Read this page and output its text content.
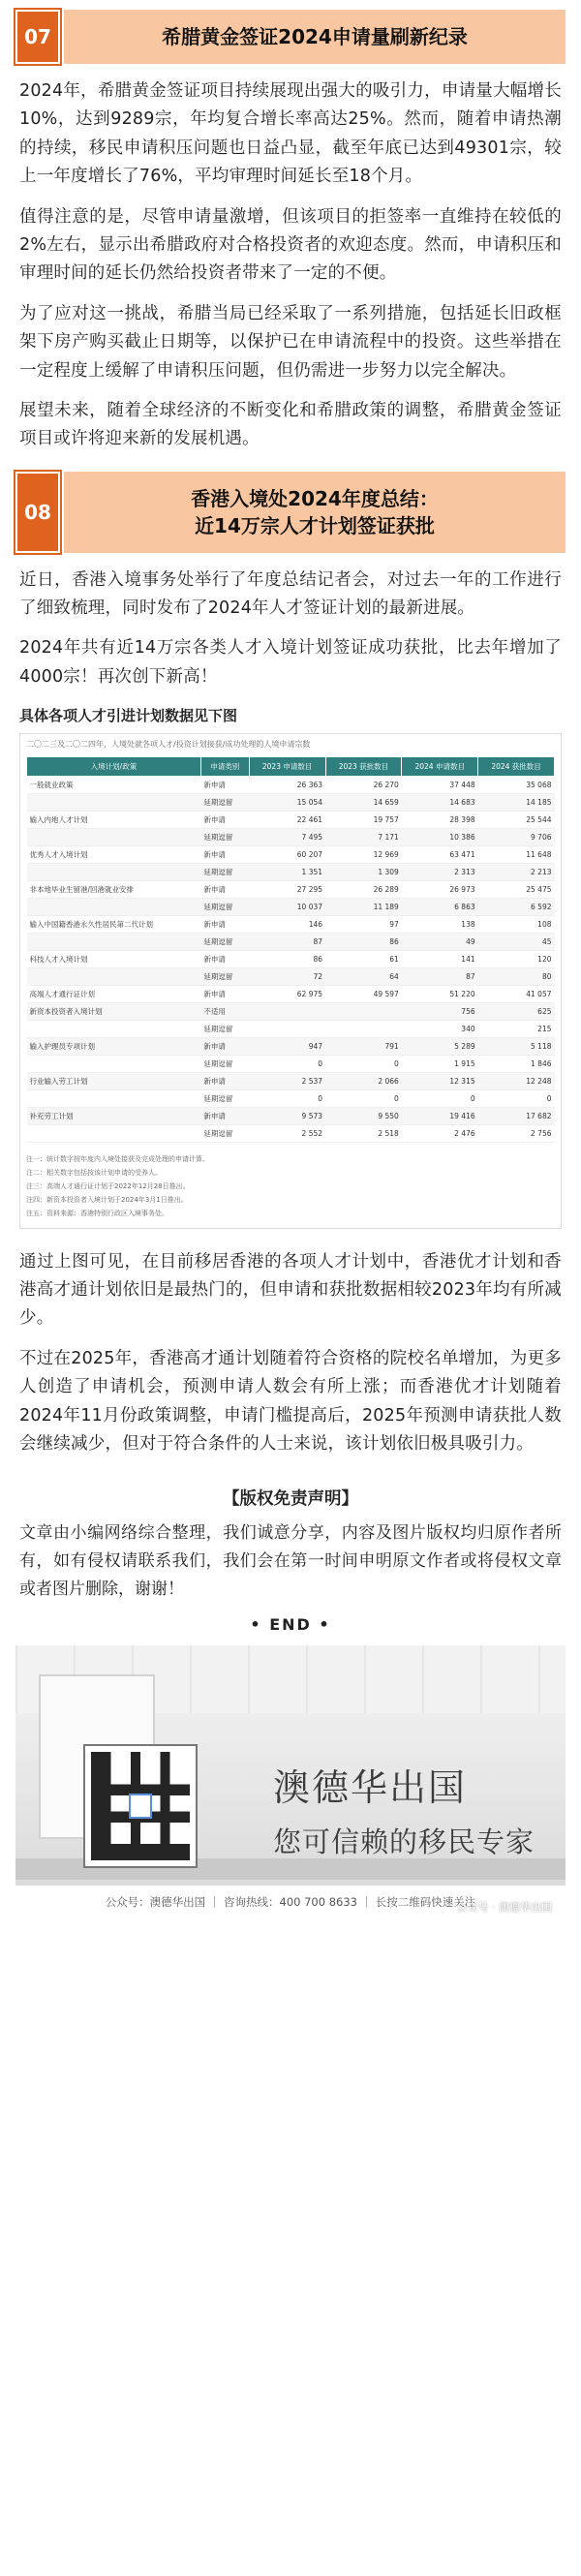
07	希腊黄金签证2024申请量刷新纪录

2024年，希腊黄金签证项目持续展现出强大的吸引力，申请量大幅增长10%，达到9289宗，年均复合增长率高达25%。然而，随着申请热潮的持续，移民申请积压问题也日益凸显，截至年底已达到49301宗，较上一年度增长了76%，平均审理时间延长至18个月。

值得注意的是，尽管申请量激增，但该项目的拒签率一直维持在较低的2%左右，显示出希腊政府对合格投资者的欢迎态度。然而，申请积压和审理时间的延长仍然给投资者带来了一定的不便。

为了应对这一挑战，希腊当局已经采取了一系列措施，包括延长旧政框架下房产购买截止日期等，以保护已在申请流程中的投资。这些举措在一定程度上缓解了申请积压问题，但仍需进一步努力以完全解决。

展望未来，随着全球经济的不断变化和希腊政策的调整，希腊黄金签证项目或许将迎来新的发展机遇。

08
香港入境处2024年度总结：
近14万宗人才计划签证获批

近日，香港入境事务处举行了年度总结记者会，对过去一年的工作进行了细致梳理，同时发布了2024年人才签证计划的最新进展。

2024年共有近14万宗各类人才入境计划签证成功获批，比去年增加了4000宗！再次创下新高！

具体各项人才引进计划数据见下图
二〇二三及二〇二四年，人境处就各项人才/投资计划接获/成功处理的人境申请宗数
入境计划/政策	申请类别	2023 申请数目	2023 获批数目	2024 申请数目	2024 获批数目
一般就业政策	新申请	26 363	26 270	37 448	35 068
	延期逗留	15 054	14 659	14 683	14 185
输入内地人才计划	新申请	22 461	19 757	28 398	25 544
	延期逗留	7 495	7 171	10 386	9 706
优秀人才入境计划	新申请	60 207	12 969	63 471	11 648
	延期逗留	1 351	1 309	2 313	2 213
非本地毕业生留港/回港就业安排	新申请	27 295	26 289	26 973	25 475
	延期逗留	10 037	11 189	6 863	6 592
输入中国籍香港永久性居民第二代计划	新申请	146	97	138	108
	延期逗留	87	86	49	45
科技人才入境计划	新申请	86	61	141	120
	延期逗留	72	64	87	80
高端人才通行证计划	新申请	62 975	49 597	51 220	41 057
新资本投资者入境计划	不适用			756	625
	延期逗留			340	215
输入护理员专项计划	新申请	947	791	5 289	5 118
	延期逗留	0	0	1 915	1 846
行业输入劳工计划	新申请	2 537	2 066	12 315	12 248
	延期逗留	0	0	0	0
补充劳工计划	新申请	9 573	9 550	19 416	17 682
	延期逗留	2 552	2 518	2 476	2 756
注一：统计数字按年度内入境处接获及完成处理的申请计算。
注二：相关数字包括按该计划申请的受养人。
注三：高端人才通行证计划于2022年12月28日推出。
注四：新资本投资者入境计划于2024年3月1日推出。
注五：资料来源：香港特别行政区入境事务处。

通过上图可见，在目前移居香港的各项人才计划中，香港优才计划和香港高才通计划依旧是最热门的，但申请和获批数据相较2023年均有所减少。

不过在2025年，香港高才通计划随着符合资格的院校名单增加，为更多人创造了申请机会，预测申请人数会有所上涨；而香港优才计划随着2024年11月份政策调整，申请门槛提高后，2025年预测申请获批人数会继续减少，但对于符合条件的人士来说，该计划依旧极具吸引力。

【版权免责声明】

文章由小编网络综合整理，我们诚意分享，内容及图片版权均归原作者所有，如有侵权请联系我们，我们会在第一时间申明原文作者或将侵权文章或者图片删除，谢谢！

• END •
澳德华出国
您可信赖的移民专家
公众号：澳德华出国 ｜ 咨询热线：400 700 8633 ｜ 长按二维码快速关注
公众号 · 澳德华出国
